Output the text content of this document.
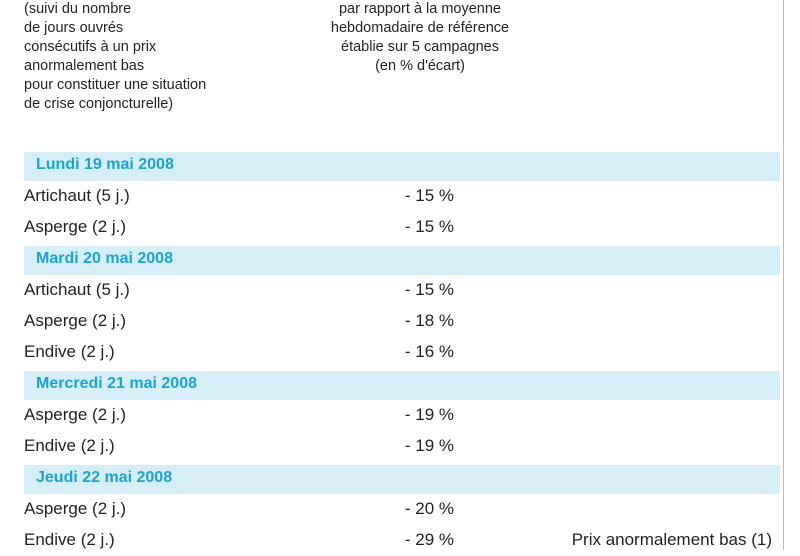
(suivi du nombre
de jours ouvrés
consécutifs à un prix
anormalement bas
pour constituer une situation
de crise conjoncturelle)
par rapport à la moyenne
hebdomadaire de référence
établie sur 5 campagnes
(en % d'écart)
Lundi 19 mai 2008
Artichaut (5 j.)	- 15 %
Asperge (2 j.)	- 15 %
Mardi 20 mai 2008
Artichaut (5 j.)	- 15 %
Asperge (2 j.)	- 18 %
Endive (2 j.)	- 16 %
Mercredi 21 mai 2008
Asperge (2 j.)	- 19 %
Endive (2 j.)	- 19 %
Jeudi 22 mai 2008
Asperge (2 j.)	- 20 %
Endive (2 j.)	- 29 %	Prix anormalement bas (1)
